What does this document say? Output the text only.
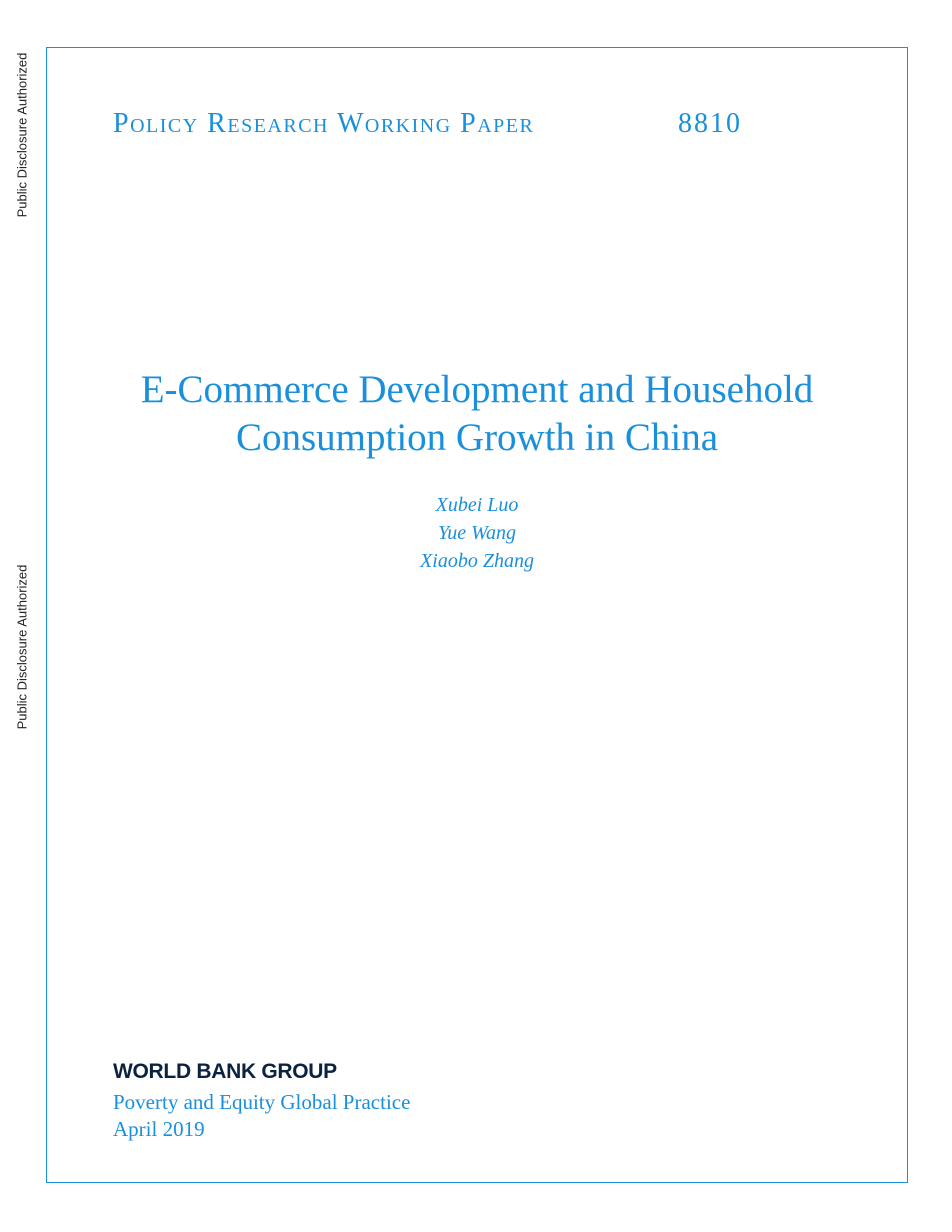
Public Disclosure Authorized
Public Disclosure Authorized
Policy Research Working Paper	8810
E-Commerce Development and Household
Consumption Growth in China
Xubei Luo
Yue Wang
Xiaobo Zhang
WORLD BANK GROUP
Poverty and Equity Global Practice
April 2019
